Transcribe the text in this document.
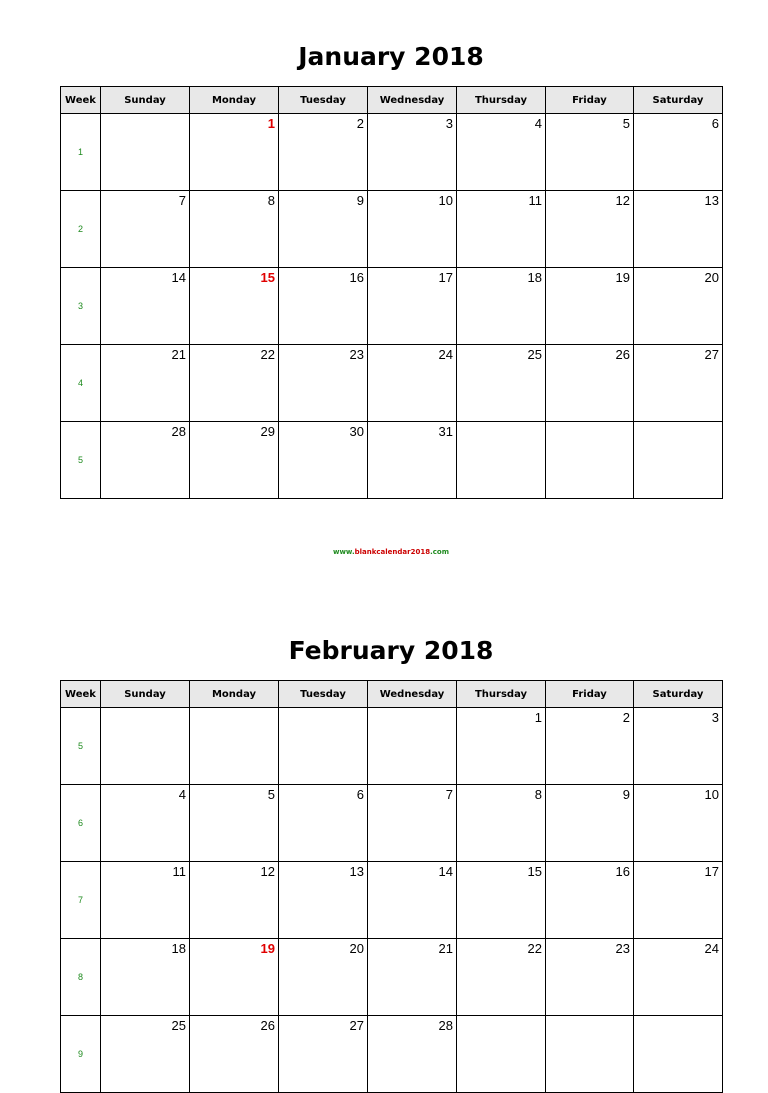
January 2018
Week	Sunday	Monday	Tuesday	Wednesday	Thursday	Friday	Saturday
1		1	2	3	4	5	6

2	7	8	9	10	11	12	13

3	14	15	16	17	18	19	20

4	21	22	23	24	25	26	27

5	28	29	30	31			

www.blankcalendar2018.com
February 2018
Week	Sunday	Monday	Tuesday	Wednesday	Thursday	Friday	Saturday
5					1	2	3

6	4	5	6	7	8	9	10

7	11	12	13	14	15	16	17

8	18	19	20	21	22	23	24

9	25	26	27	28			
